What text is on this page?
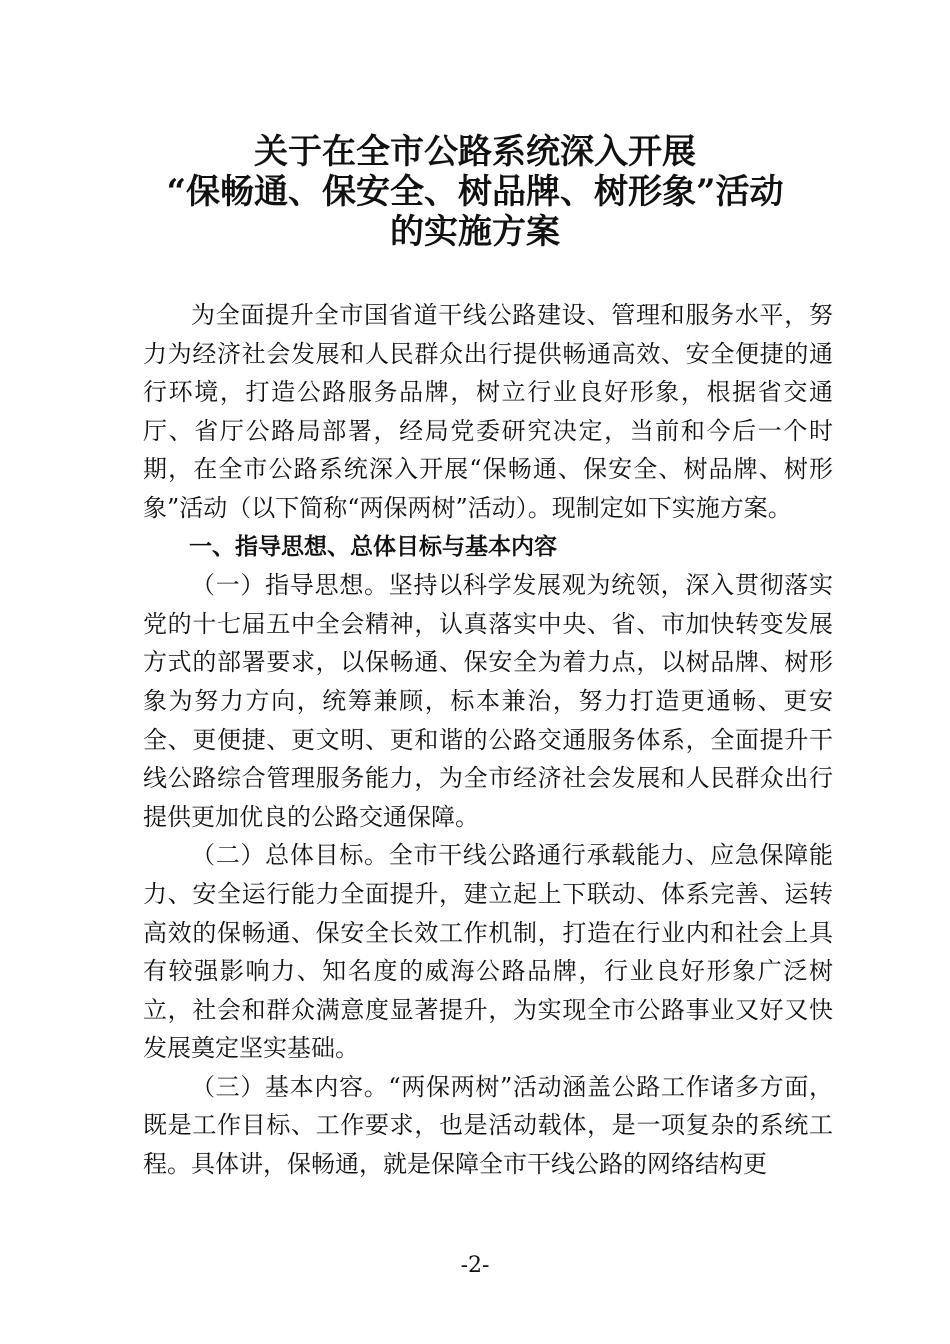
关于在全市公路系统深入开展
“保畅通、保安全、树品牌、树形象”活动
的实施方案

为全面提升全市国省道干线公路建设、管理和服务水平，努力为经济社会发展和人民群众出行提供畅通高效、安全便捷的通行环境，打造公路服务品牌，树立行业良好形象，根据省交通厅、省厅公路局部署，经局党委研究决定，当前和今后一个时期，在全市公路系统深入开展“保畅通、保安全、树品牌、树形象”活动（以下简称“两保两树”活动）。现制定如下实施方案。

一、指导思想、总体目标与基本内容

（一）指导思想。坚持以科学发展观为统领，深入贯彻落实党的十七届五中全会精神，认真落实中央、省、市加快转变发展方式的部署要求，以保畅通、保安全为着力点，以树品牌、树形象为努力方向，统筹兼顾，标本兼治，努力打造更通畅、更安全、更便捷、更文明、更和谐的公路交通服务体系，全面提升干线公路综合管理服务能力，为全市经济社会发展和人民群众出行提供更加优良的公路交通保障。

（二）总体目标。全市干线公路通行承载能力、应急保障能力、安全运行能力全面提升，建立起上下联动、体系完善、运转高效的保畅通、保安全长效工作机制，打造在行业内和社会上具有较强影响力、知名度的威海公路品牌，行业良好形象广泛树立，社会和群众满意度显著提升，为实现全市公路事业又好又快发展奠定坚实基础。

（三）基本内容。“两保两树”活动涵盖公路工作诸多方面，既是工作目标、工作要求，也是活动载体，是一项复杂的系统工程。具体讲，保畅通，就是保障全市干线公路的网络结构更

-2-
